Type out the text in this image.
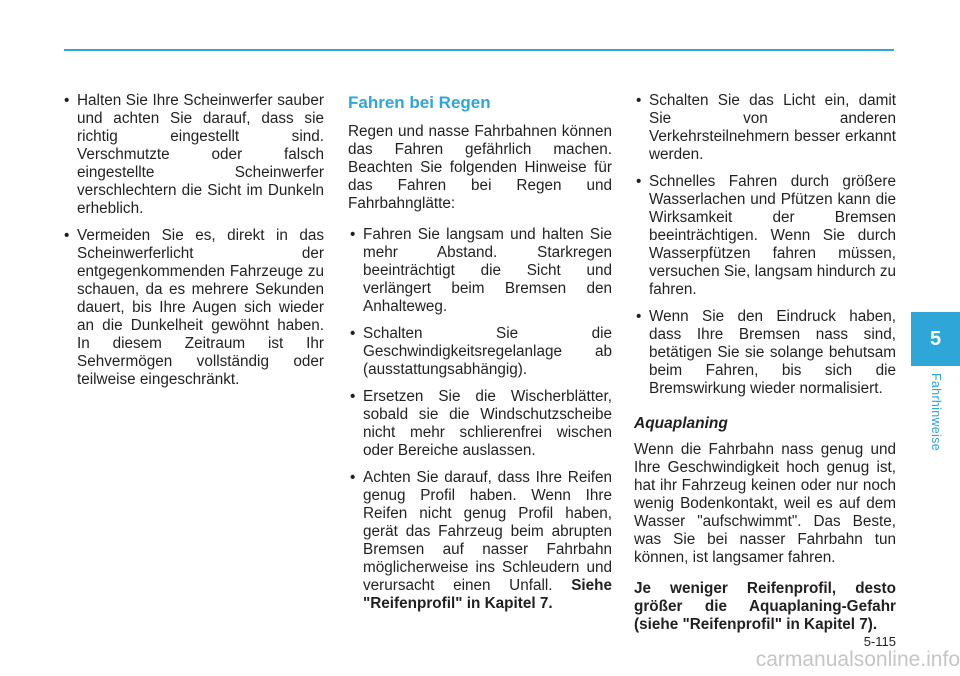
• Halten Sie Ihre Scheinwerfer sauber und achten Sie darauf, dass sie richtig eingestellt sind. Verschmutzte oder falsch eingestellte Scheinwerfer verschlechtern die Sicht im Dunkeln erheblich.
• Vermeiden Sie es, direkt in das Scheinwerferlicht der entgegenkommenden Fahrzeuge zu schauen, da es mehrere Sekunden dauert, bis Ihre Augen sich wieder an die Dunkelheit gewöhnt haben. In diesem Zeitraum ist Ihr Sehvermögen vollständig oder teilweise eingeschränkt.
Fahren bei Regen

Regen und nasse Fahrbahnen können das Fahren gefährlich machen. Beachten Sie folgenden Hinweise für das Fahren bei Regen und Fahrbahnglätte:

• Fahren Sie langsam und halten Sie mehr Abstand. Starkregen beeinträchtigt die Sicht und verlängert beim Bremsen den Anhalteweg.
• Schalten Sie die Geschwindigkeitsregelanlage ab (ausstattungsabhängig).
• Ersetzen Sie die Wischerblätter, sobald sie die Windschutzscheibe nicht mehr schlierenfrei wischen oder Bereiche auslassen.
• Achten Sie darauf, dass Ihre Reifen genug Profil haben. Wenn Ihre Reifen nicht genug Profil haben, gerät das Fahrzeug beim abrupten Bremsen auf nasser Fahrbahn möglicherweise ins Schleudern und verursacht einen Unfall. Siehe "Reifenprofil" in Kapitel 7.
• Schalten Sie das Licht ein, damit Sie von anderen Verkehrsteilnehmern besser erkannt werden.
• Schnelles Fahren durch größere Wasserlachen und Pfützen kann die Wirksamkeit der Bremsen beeinträchtigen. Wenn Sie durch Wasserpfützen fahren müssen, versuchen Sie, langsam hindurch zu fahren.
• Wenn Sie den Eindruck haben, dass Ihre Bremsen nass sind, betätigen Sie sie solange behutsam beim Fahren, bis sich die Bremswirkung wieder normalisiert.
Aquaplaning

Wenn die Fahrbahn nass genug und Ihre Geschwindigkeit hoch genug ist, hat ihr Fahrzeug keinen oder nur noch wenig Bodenkontakt, weil es auf dem Wasser "aufschwimmt". Das Beste, was Sie bei nasser Fahrbahn tun können, ist langsamer fahren.

Je weniger Reifenprofil, desto größer die Aquaplaning-Gefahr (siehe "Reifenprofil" in Kapitel 7).

5
Fahrhinweise
5-115
carmanualsonline.info
